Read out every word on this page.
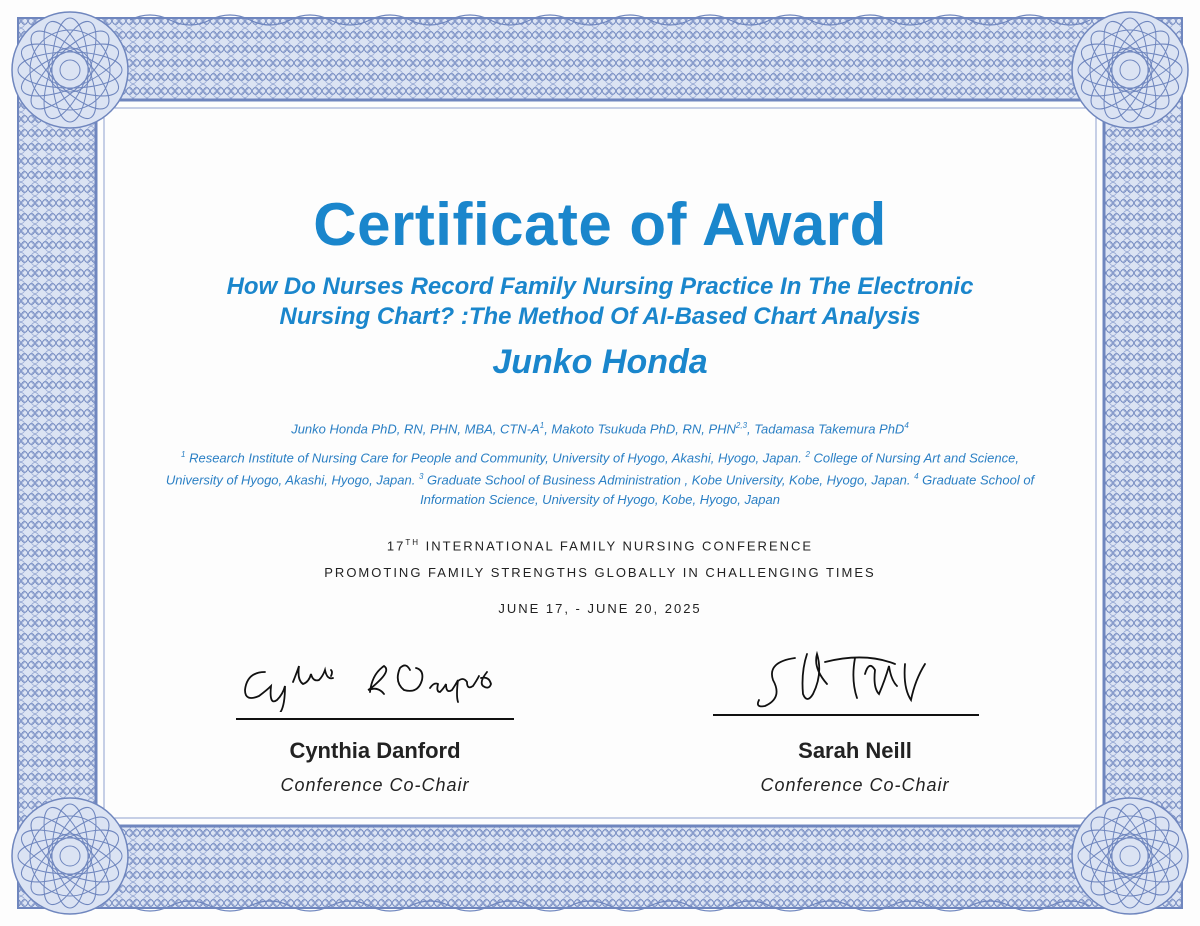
Certificate of Award
How Do Nurses Record Family Nursing Practice In The Electronic
Nursing Chart? :The Method Of AI-Based Chart Analysis
Junko Honda
Junko Honda PhD, RN, PHN, MBA, CTN-$A^1$, Makoto Tsukuda PhD, RN, PHN$^{2,3}$, Tadamasa Takemura PhD$^4$
$^1$ Research Institute of Nursing Care for People and Community, University of Hyogo, Akashi, Hyogo, Japan. $^2$ College of Nursing Art and Science, University of Hyogo, Akashi, Hyogo, Japan. $^3$ Graduate School of Business Administration , Kobe University, Kobe, Hyogo, Japan. $^4$ Graduate School of Information Science, University of Hyogo, Kobe, Hyogo, Japan
17TH INTERNATIONAL FAMILY NURSING CONFERENCE
PROMOTING FAMILY STRENGTHS GLOBALLY IN CHALLENGING TIMES
JUNE 17, - JUNE 20, 2025
Cynthia Danford
Conference Co-Chair
Sarah Neill
Conference Co-Chair
